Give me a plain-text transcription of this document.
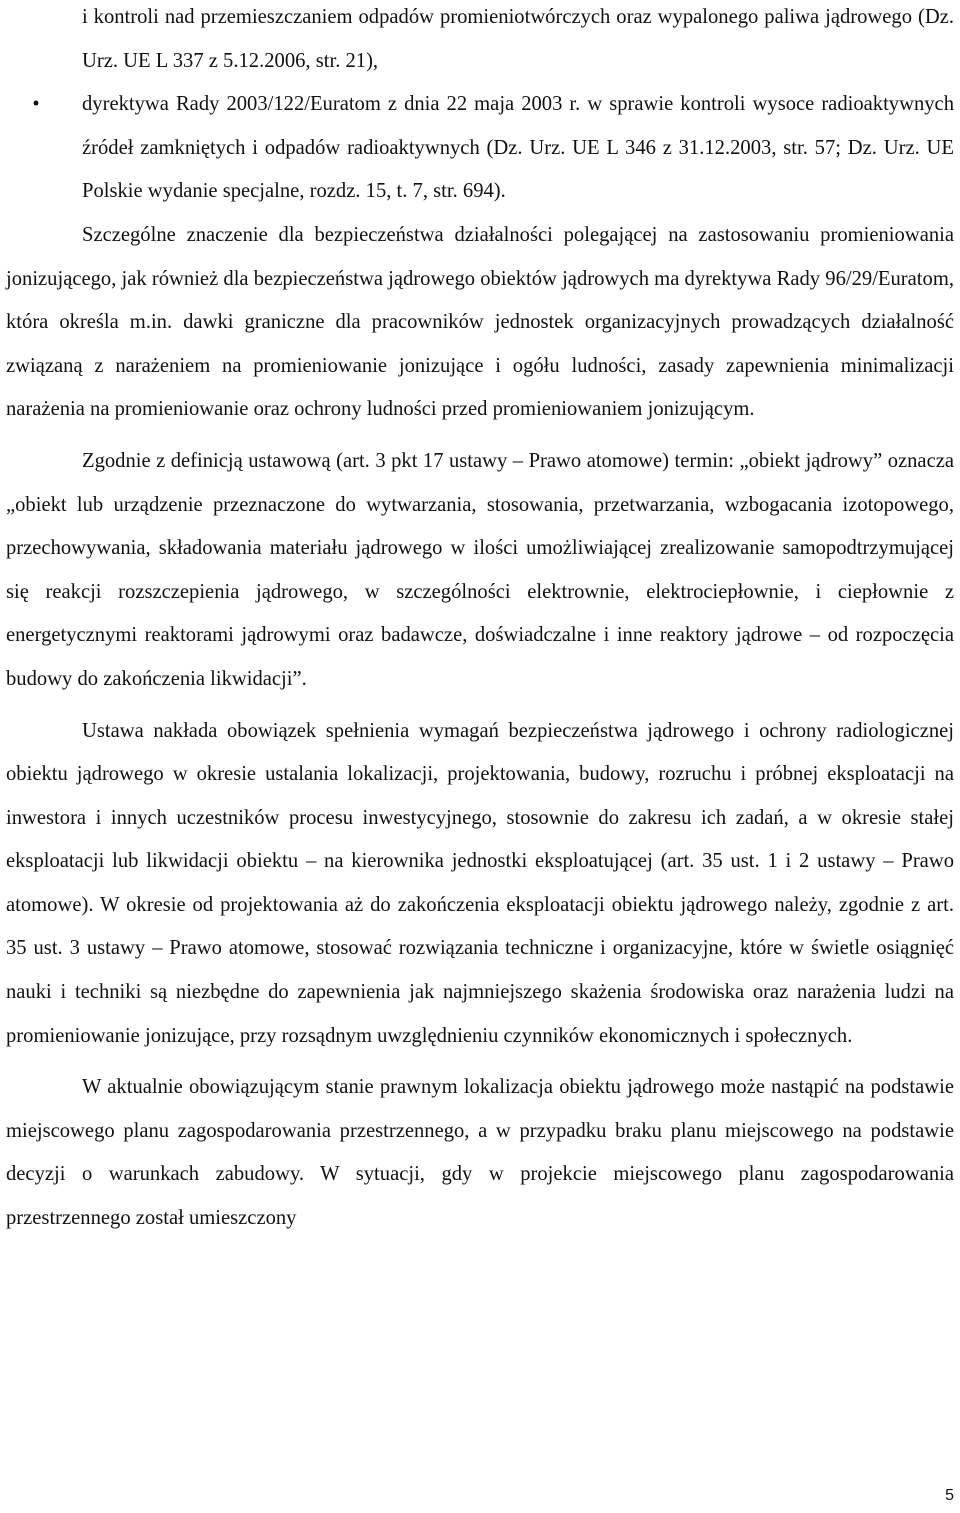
i kontroli nad przemieszczaniem odpadów promieniotwórczych oraz wypalonego paliwa jądrowego (Dz. Urz. UE L 337 z 5.12.2006, str. 21),

•	dyrektywa Rady 2003/122/Euratom z dnia 22 maja 2003 r. w sprawie kontroli wysoce radioaktywnych źródeł zamkniętych i odpadów radioaktywnych (Dz. Urz. UE L 346 z 31.12.2003, str. 57; Dz. Urz. UE Polskie wydanie specjalne, rozdz. 15, t. 7, str. 694).

Szczególne znaczenie dla bezpieczeństwa działalności polegającej na zastosowaniu promieniowania jonizującego, jak również dla bezpieczeństwa jądrowego obiektów jądrowych ma dyrektywa Rady 96/29/Euratom, która określa m.in. dawki graniczne dla pracowników jednostek organizacyjnych prowadzących działalność związaną z narażeniem na promieniowanie jonizujące i ogółu ludności, zasady zapewnienia minimalizacji narażenia na promieniowanie oraz ochrony ludności przed promieniowaniem jonizującym.

Zgodnie z definicją ustawową (art. 3 pkt 17 ustawy – Prawo atomowe) termin: „obiekt jądrowy” oznacza „obiekt lub urządzenie przeznaczone do wytwarzania, stosowania, przetwarzania, wzbogacania izotopowego, przechowywania, składowania materiału jądrowego w ilości umożliwiającej zrealizowanie samopodtrzymującej się reakcji rozszczepienia jądrowego, w szczególności elektrownie, elektrociepłownie, i ciepłownie z energetycznymi reaktorami jądrowymi oraz badawcze, doświadczalne i inne reaktory jądrowe – od rozpoczęcia budowy do zakończenia likwidacji”.

Ustawa nakłada obowiązek spełnienia wymagań bezpieczeństwa jądrowego i ochrony radiologicznej obiektu jądrowego w okresie ustalania lokalizacji, projektowania, budowy, rozruchu i próbnej eksploatacji na inwestora i innych uczestników procesu inwestycyjnego, stosownie do zakresu ich zadań, a w okresie stałej eksploatacji lub likwidacji obiektu – na kierownika jednostki eksploatującej (art. 35 ust. 1 i 2 ustawy – Prawo atomowe). W okresie od projektowania aż do zakończenia eksploatacji obiektu jądrowego należy, zgodnie z art. 35 ust. 3 ustawy – Prawo atomowe, stosować rozwiązania techniczne i organizacyjne, które w świetle osiągnięć nauki i techniki są niezbędne do zapewnienia jak najmniejszego skażenia środowiska oraz narażenia ludzi na promieniowanie jonizujące, przy rozsądnym uwzględnieniu czynników ekonomicznych i społecznych.

W aktualnie obowiązującym stanie prawnym lokalizacja obiektu jądrowego może nastąpić na podstawie miejscowego planu zagospodarowania przestrzennego, a w przypadku braku planu miejscowego na podstawie decyzji o warunkach zabudowy. W sytuacji, gdy w projekcie miejscowego planu zagospodarowania przestrzennego został umieszczony

5
